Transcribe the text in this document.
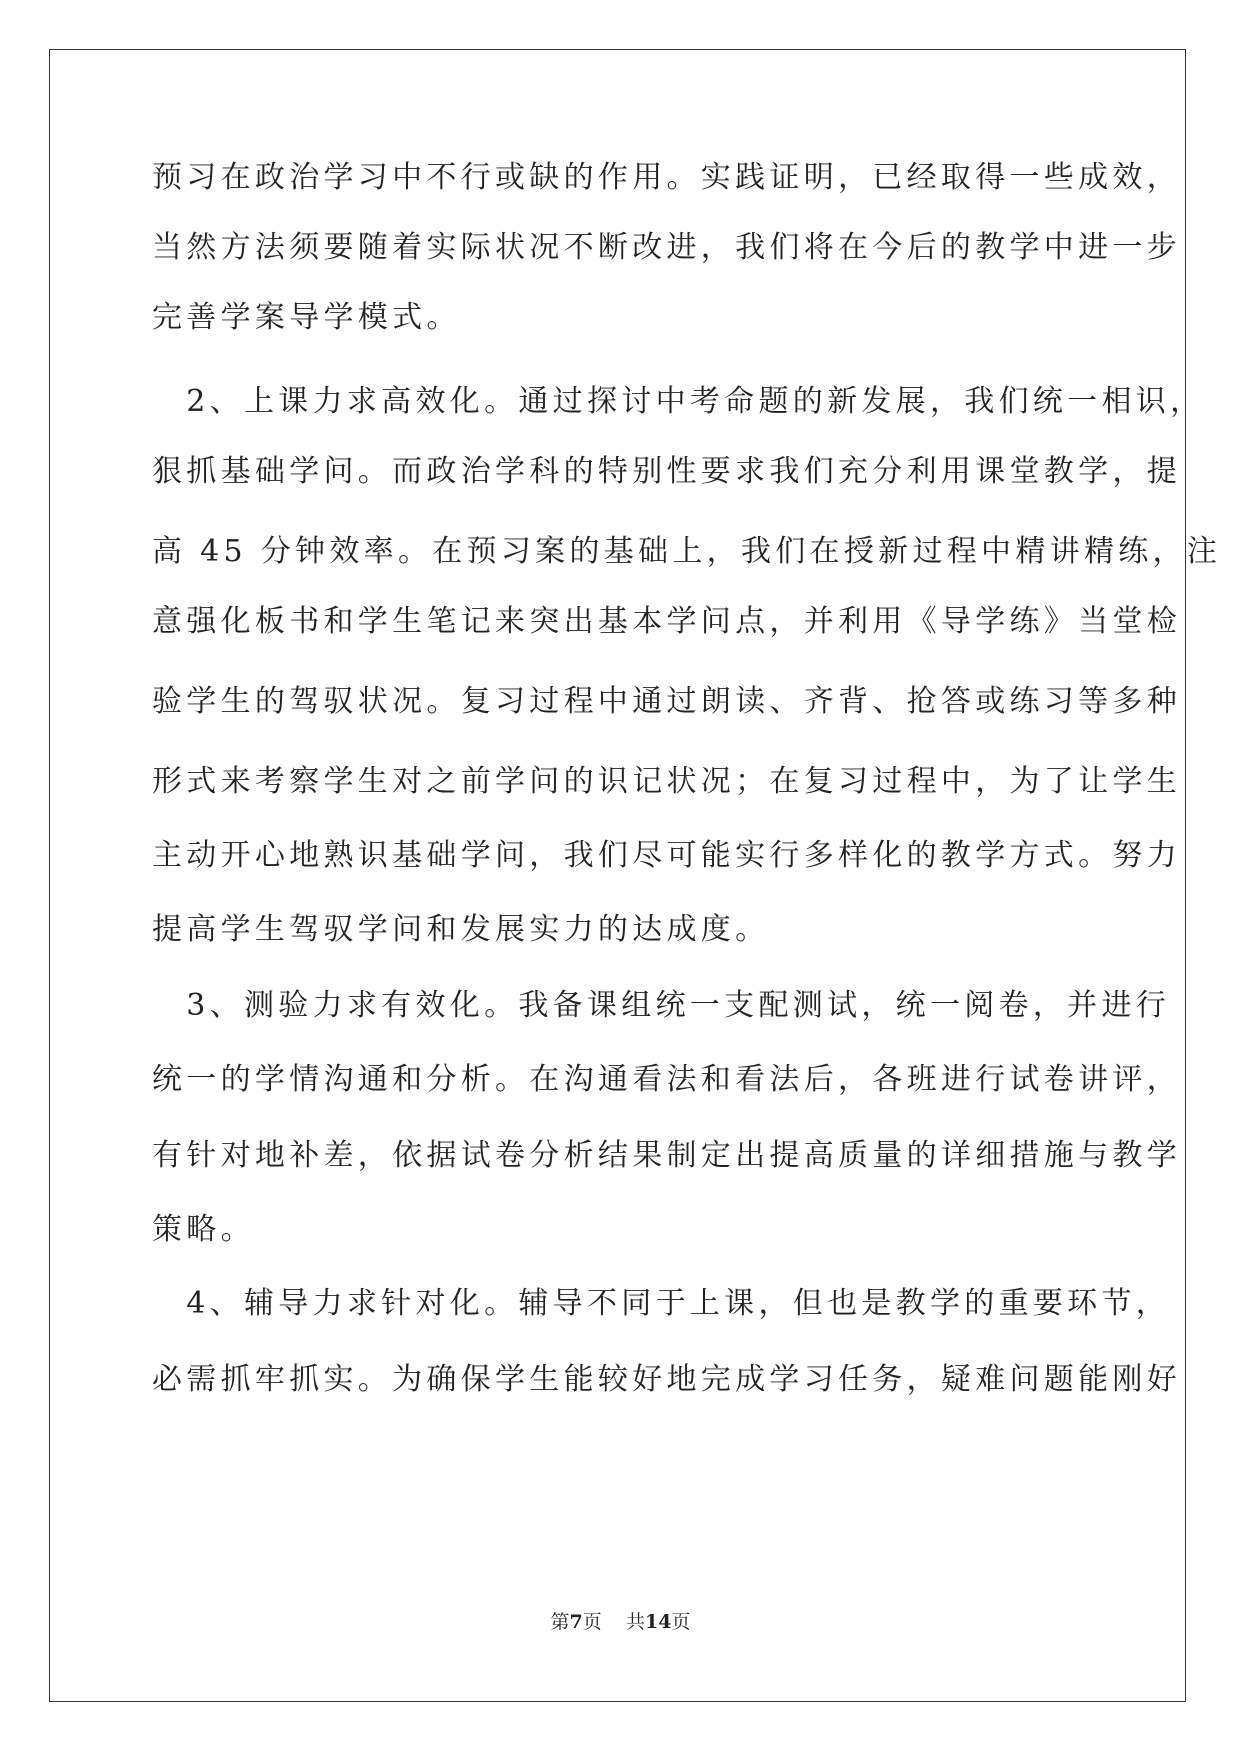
预习在政治学习中不行或缺的作用。实践证明，已经取得一些成效，
当然方法须要随着实际状况不断改进，我们将在今后的教学中进一步
完善学案导学模式。
　2、上课力求高效化。通过探讨中考命题的新发展，我们统一相识，
狠抓基础学问。而政治学科的特别性要求我们充分利用课堂教学，提
高 45 分钟效率。在预习案的基础上，我们在授新过程中精讲精练，注
意强化板书和学生笔记来突出基本学问点，并利用《导学练》当堂检
验学生的驾驭状况。复习过程中通过朗读、齐背、抢答或练习等多种
形式来考察学生对之前学问的识记状况；在复习过程中，为了让学生
主动开心地熟识基础学问，我们尽可能实行多样化的教学方式。努力
提高学生驾驭学问和发展实力的达成度。
　3、测验力求有效化。我备课组统一支配测试，统一阅卷，并进行
统一的学情沟通和分析。在沟通看法和看法后，各班进行试卷讲评，
有针对地补差，依据试卷分析结果制定出提高质量的详细措施与教学
策略。
　4、辅导力求针对化。辅导不同于上课，但也是教学的重要环节，
必需抓牢抓实。为确保学生能较好地完成学习任务，疑难问题能刚好
第7页 共14页
